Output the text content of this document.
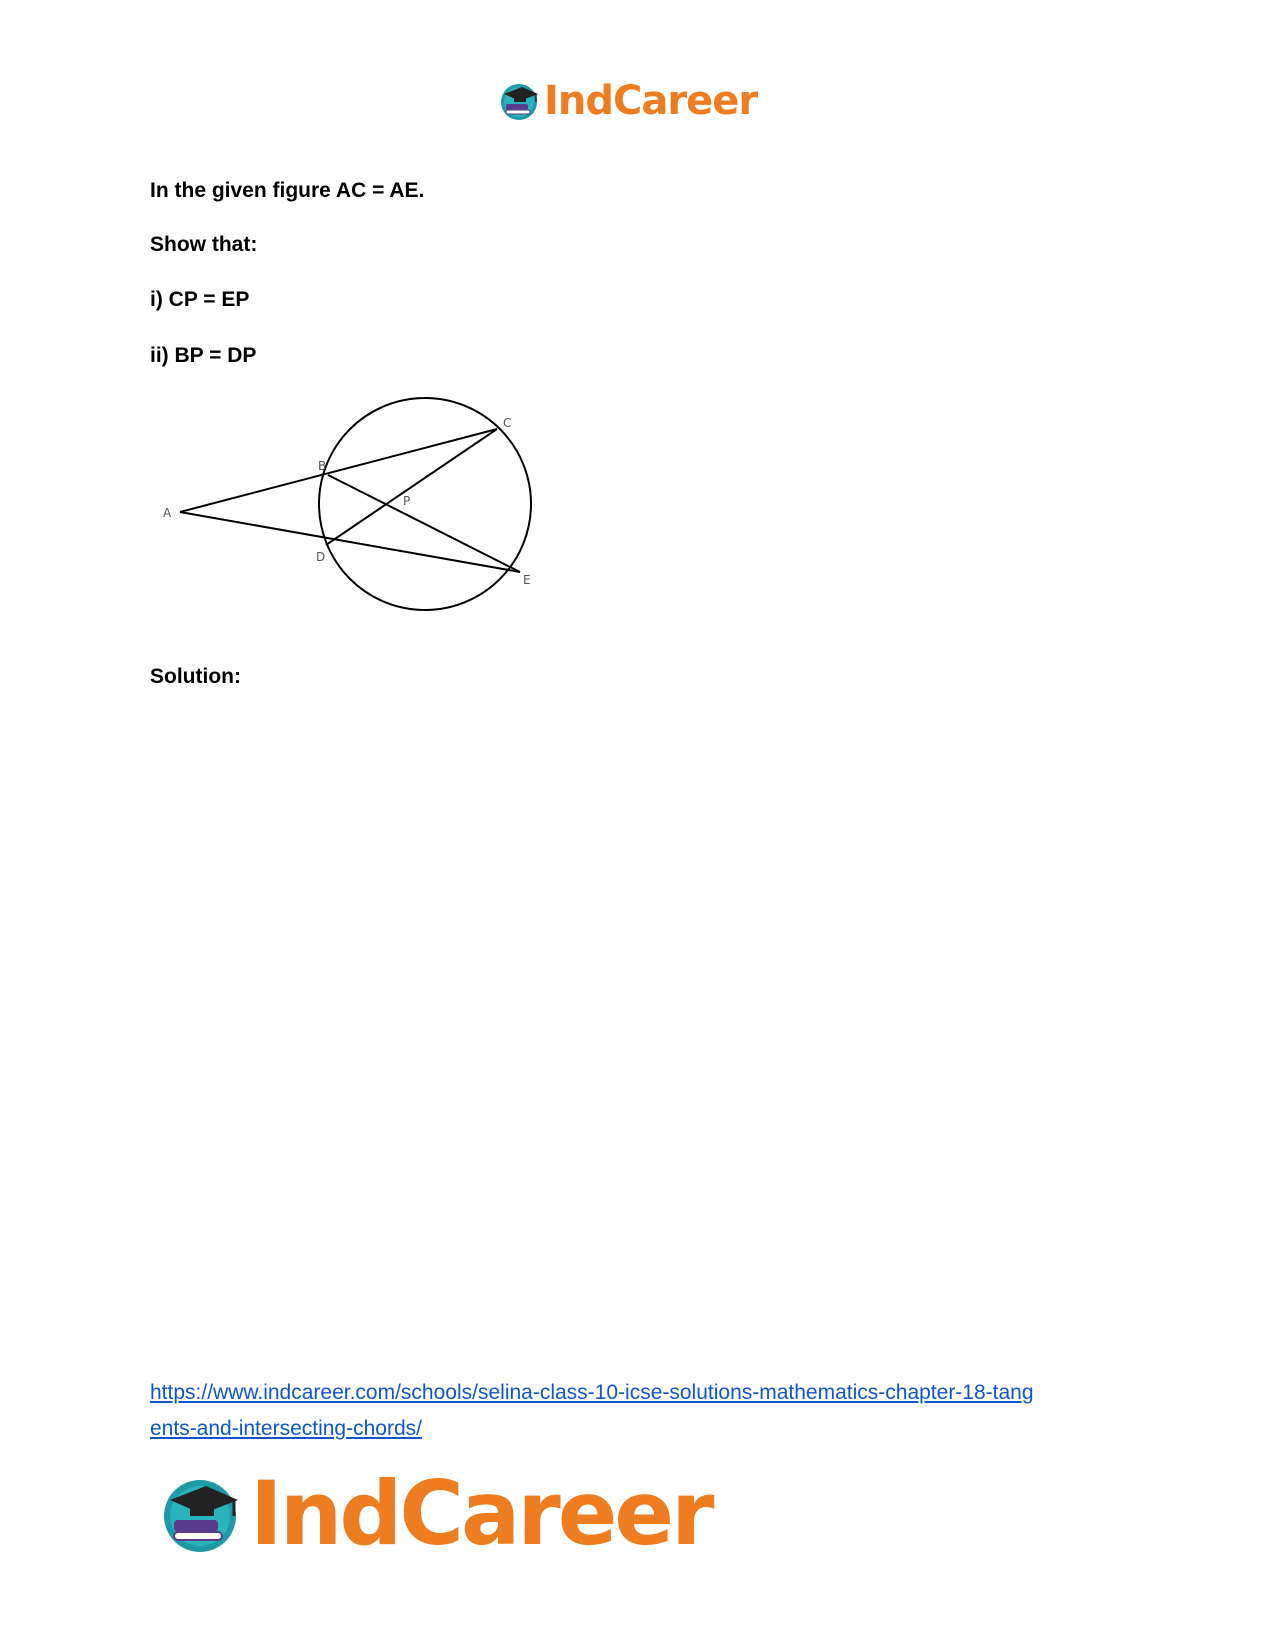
IndCareer
In the given figure AC = AE.
Show that:
i) CP = EP
ii) BP = DP
A
B
C
D
E
P
Solution:
https://www.indcareer.com/schools/selina-class-10-icse-solutions-mathematics-chapter-18-tang
ents-and-intersecting-chords/
IndCareer
